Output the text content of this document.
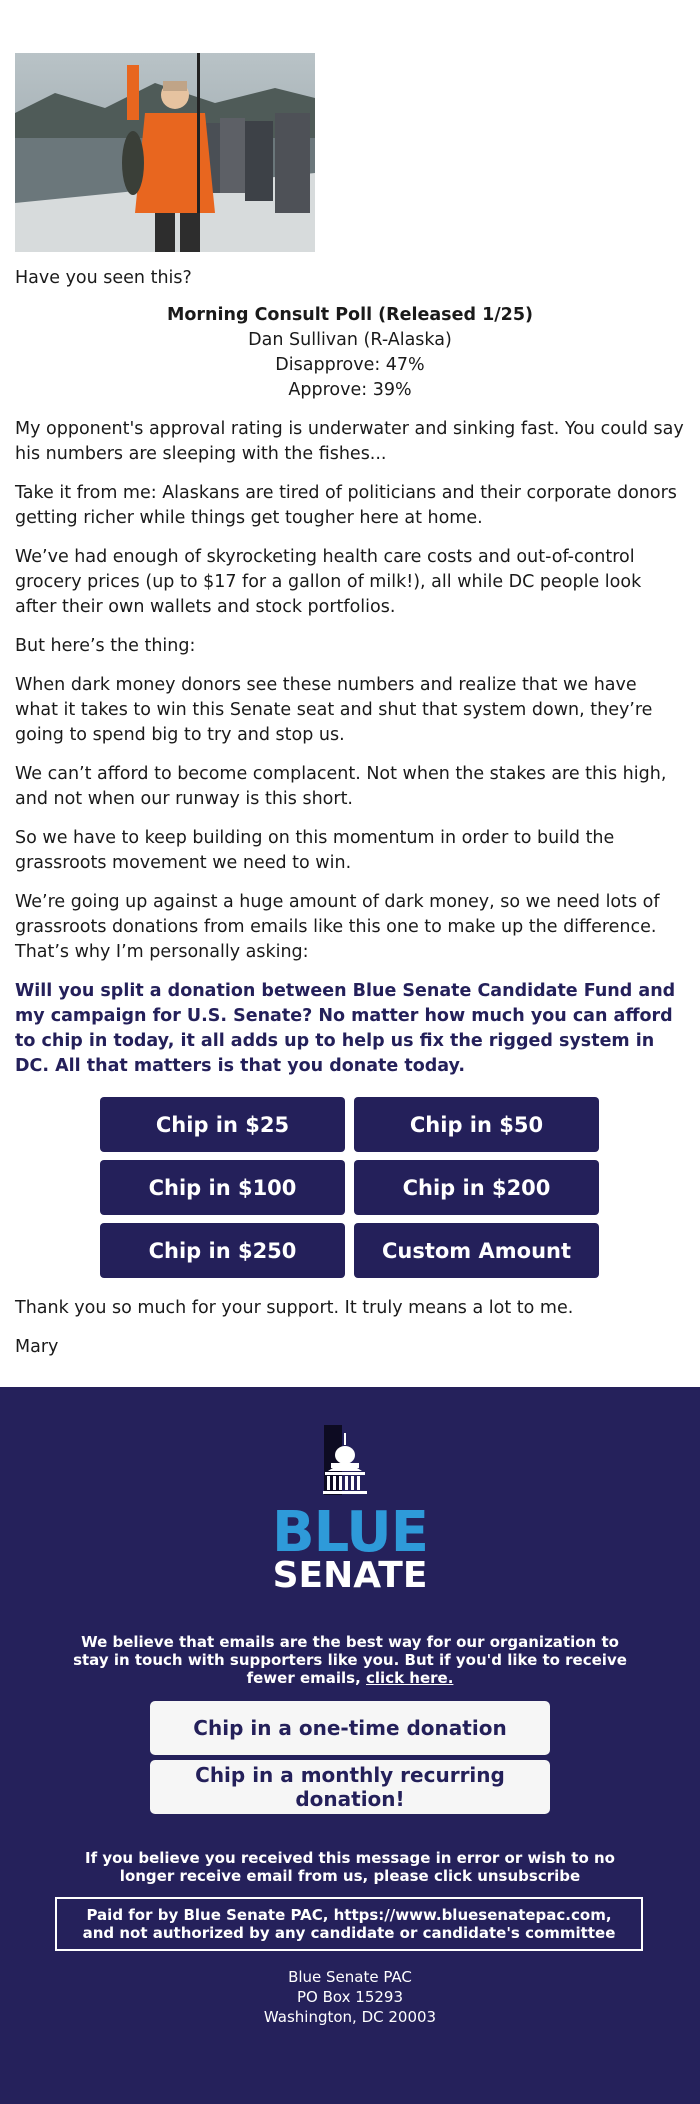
Have you seen this?

Morning Consult Poll (Released 1/25)
Dan Sullivan (R-Alaska)
Disapprove: 47%
Approve: 39%

My opponent's approval rating is underwater and sinking fast. You could say his numbers are sleeping with the fishes...

Take it from me: Alaskans are tired of politicians and their corporate donors getting richer while things get tougher here at home.

We’ve had enough of skyrocketing health care costs and out-of-control grocery prices (up to $17 for a gallon of milk!), all while DC people look after their own wallets and stock portfolios.

But here’s the thing:

When dark money donors see these numbers and realize that we have what it takes to win this Senate seat and shut that system down, they’re going to spend big to try and stop us.

We can’t afford to become complacent. Not when the stakes are this high, and not when our runway is this short.

So we have to keep building on this momentum in order to build the grassroots movement we need to win.

We’re going up against a huge amount of dark money, so we need lots of grassroots donations from emails like this one to make up the difference. That’s why I’m personally asking:

Will you split a donation between Blue Senate Candidate Fund and my campaign for U.S. Senate? No matter how much you can afford to chip in today, it all adds up to help us fix the rigged system in DC. All that matters is that you donate today.
Chip in $25	Chip in $50
Chip in $100	Chip in $200
Chip in $250	Custom Amount

Thank you so much for your support. It truly means a lot to me.

Mary

BLUE
SENATE
We believe that emails are the best way for our organization to stay in touch with supporters like you. But if you'd like to receive fewer emails, click here.
Chip in a one-time donation
Chip in a monthly recurring donation!
If you believe you received this message in error or wish to no longer receive email from us, please click unsubscribe
Paid for by Blue Senate PAC, https://www.bluesenatepac.com, and not authorized by any candidate or candidate's committee
Blue Senate PAC
PO Box 15293
Washington, DC 20003
